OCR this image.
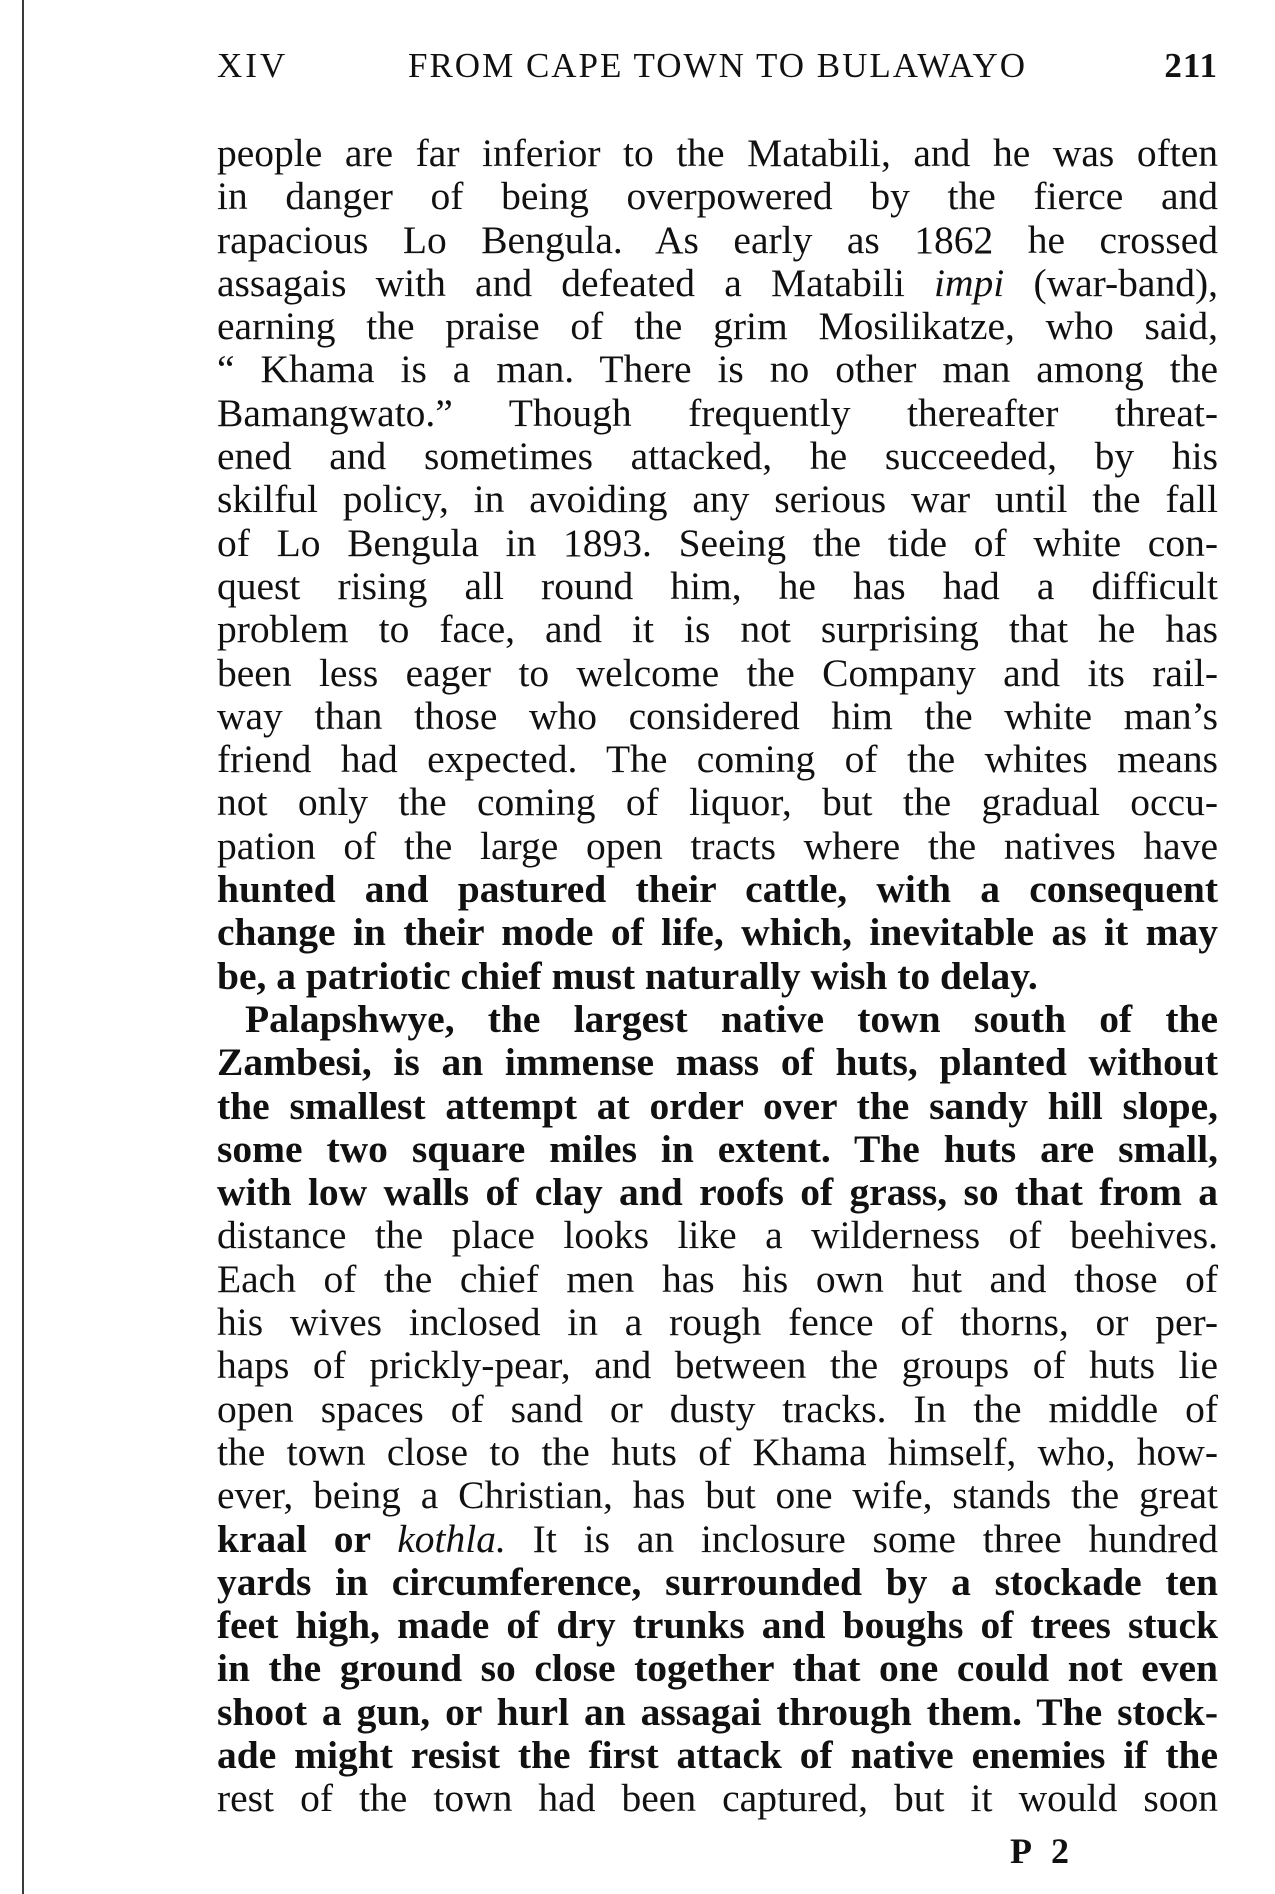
XIV	FROM CAPE TOWN TO BULAWAYO	211
people are far inferior to the Matabili, and he was often
in danger of being overpowered by the fierce and
rapacious Lo Bengula. As early as 1862 he crossed
assagais with and defeated a Matabili impi (war-band),
earning the praise of the grim Mosilikatze, who said,
“ Khama is a man. There is no other man among the
Bamangwato.” Though frequently thereafter threat-
ened and sometimes attacked, he succeeded, by his
skilful policy, in avoiding any serious war until the fall
of Lo Bengula in 1893. Seeing the tide of white con-
quest rising all round him, he has had a difficult
problem to face, and it is not surprising that he has
been less eager to welcome the Company and its rail-
way than those who considered him the white man’s
friend had expected. The coming of the whites means
not only the coming of liquor, but the gradual occu-
pation of the large open tracts where the natives have
hunted and pastured their cattle, with a consequent
change in their mode of life, which, inevitable as it may
be, a patriotic chief must naturally wish to delay.
Palapshwye, the largest native town south of the
Zambesi, is an immense mass of huts, planted without
the smallest attempt at order over the sandy hill slope,
some two square miles in extent. The huts are small,
with low walls of clay and roofs of grass, so that from a
distance the place looks like a wilderness of beehives.
Each of the chief men has his own hut and those of
his wives inclosed in a rough fence of thorns, or per-
haps of prickly-pear, and between the groups of huts lie
open spaces of sand or dusty tracks. In the middle of
the town close to the huts of Khama himself, who, how-
ever, being a Christian, has but one wife, stands the great
kraal or kothla. It is an inclosure some three hundred
yards in circumference, surrounded by a stockade ten
feet high, made of dry trunks and boughs of trees stuck
in the ground so close together that one could not even
shoot a gun, or hurl an assagai through them. The stock-
ade might resist the first attack of native enemies if the
rest of the town had been captured, but it would soon
P 2
